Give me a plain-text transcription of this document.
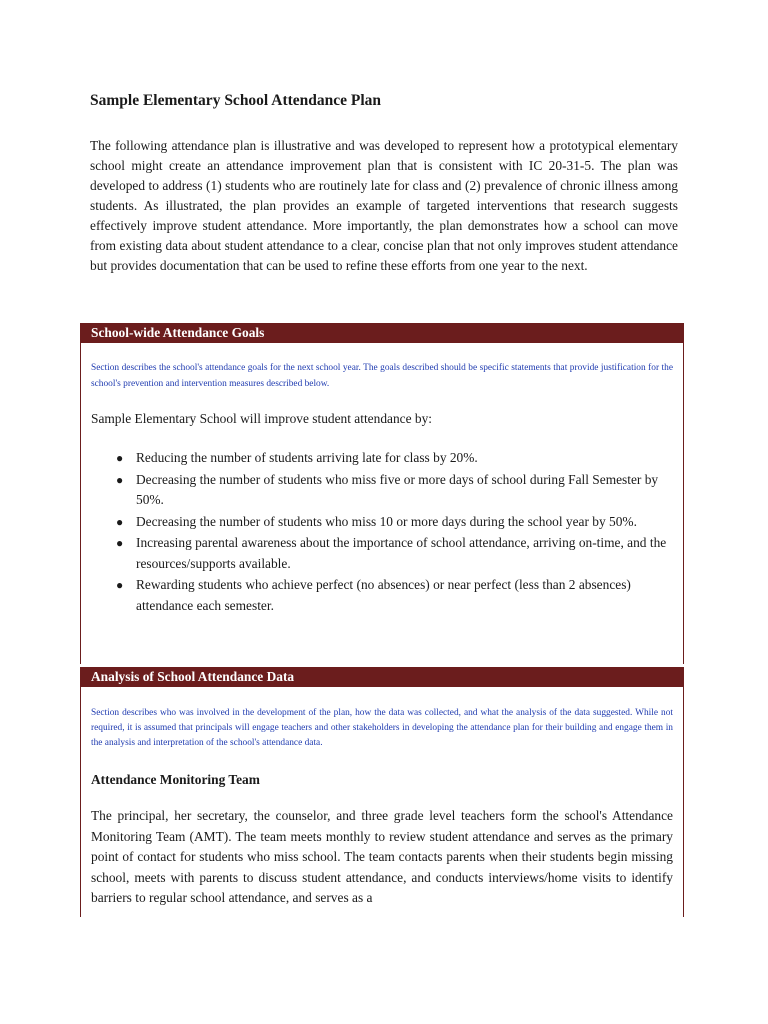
Sample Elementary School Attendance Plan

The following attendance plan is illustrative and was developed to represent how a prototypical elementary school might create an attendance improvement plan that is consistent with IC 20-31-5. The plan was developed to address (1) students who are routinely late for class and (2) prevalence of chronic illness among students. As illustrated, the plan provides an example of targeted interventions that research suggests effectively improve student attendance. More importantly, the plan demonstrates how a school can move from existing data about student attendance to a clear, concise plan that not only improves student attendance but provides documentation that can be used to refine these efforts from one year to the next.

School-wide Attendance Goals

Section describes the school's attendance goals for the next school year. The goals described should be specific statements that provide justification for the school's prevention and intervention measures described below.

Sample Elementary School will improve student attendance by:

● Reducing the number of students arriving late for class by 20%.
● Decreasing the number of students who miss five or more days of school during Fall Semester by 50%.
● Decreasing the number of students who miss 10 or more days during the school year by 50%.
● Increasing parental awareness about the importance of school attendance, arriving on-time, and the resources/supports available.
● Rewarding students who achieve perfect (no absences) or near perfect (less than 2 absences) attendance each semester.
Analysis of School Attendance Data

Section describes who was involved in the development of the plan, how the data was collected, and what the analysis of the data suggested. While not required, it is assumed that principals will engage teachers and other stakeholders in developing the attendance plan for their building and engage them in the analysis and interpretation of the school's attendance data.

Attendance Monitoring Team

The principal, her secretary, the counselor, and three grade level teachers form the school's Attendance Monitoring Team (AMT). The team meets monthly to review student attendance and serves as the primary point of contact for students who miss school. The team contacts parents when their students begin missing school, meets with parents to discuss student attendance, and conducts interviews/home visits to identify barriers to regular school attendance, and serves as a
